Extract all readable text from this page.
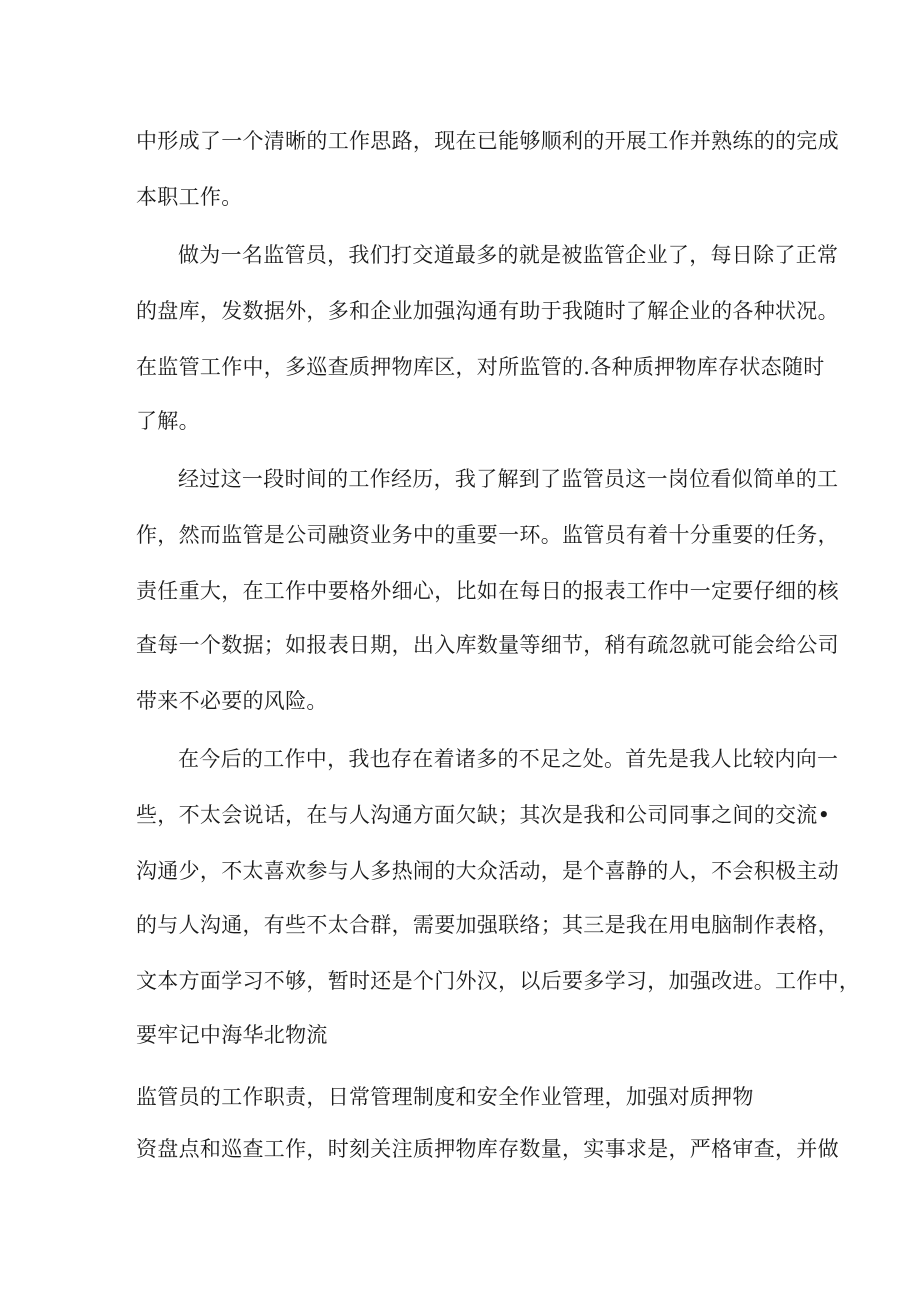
中形成了一个清晰的工作思路，现在已能够顺利的开展工作并熟练的的完成
本职工作。
做为一名监管员，我们打交道最多的就是被监管企业了，每日除了正常
的盘库，发数据外，多和企业加强沟通有助于我随时了解企业的各种状况。
在监管工作中，多巡查质押物库区，对所监管的.各种质押物库存状态随时
了解。
经过这一段时间的工作经历，我了解到了监管员这一岗位看似简单的工
作，然而监管是公司融资业务中的重要一环。监管员有着十分重要的任务，
责任重大，在工作中要格外细心，比如在每日的报表工作中一定要仔细的核
查每一个数据；如报表日期，出入库数量等细节，稍有疏忽就可能会给公司
带来不必要的风险。
在今后的工作中，我也存在着诸多的不足之处。首先是我人比较内向一
些，不太会说话，在与人沟通方面欠缺；其次是我和公司同事之间的交流•
沟通少，不太喜欢参与人多热闹的大众活动，是个喜静的人，不会积极主动
的与人沟通，有些不太合群，需要加强联络；其三是我在用电脑制作表格，
文本方面学习不够，暂时还是个门外汉，以后要多学习，加强改进。工作中，
要牢记中海华北物流
监管员的工作职责，日常管理制度和安全作业管理，加强对质押物
资盘点和巡查工作，时刻关注质押物库存数量，实事求是，严格审查，并做
